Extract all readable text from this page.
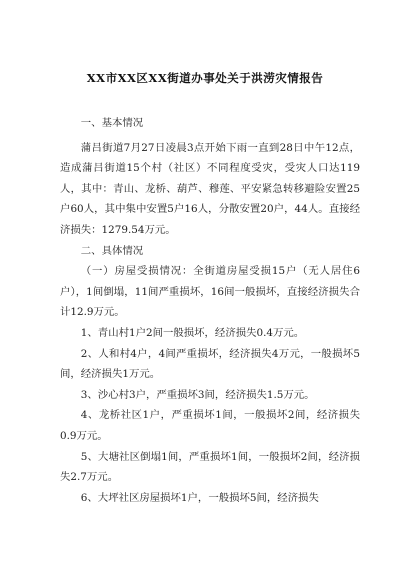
XX市XX区XX街道办事处关于洪涝灾情报告

一、基本情况

蒲吕街道7月27日凌晨3点开始下雨一直到28日中午12点，造成蒲吕街道15个村（社区）不同程度受灾，受灾人口达119人，其中：青山、龙桥、葫芦、穆莲、平安紧急转移避险安置25户60人，其中集中安置5户16人，分散安置20户，44人。直接经济损失：1279.54万元。

二、具体情况

（一）房屋受损情况：全街道房屋受损15户（无人居住6户），1间倒塌，11间严重损坏，16间一般损坏，直接经济损失合计12.9万元。

1、青山村1户2间一般损坏，经济损失0.4万元。

2、人和村4户，4间严重损坏，经济损失4万元，一般损坏5间，经济损失1万元。

3、沙心村3户，严重损坏3间，经济损失1.5万元。

4、龙桥社区1户，严重损坏1间，一般损坏2间，经济损失0.9万元。

5、大塘社区倒塌1间，严重损坏1间，一般损坏2间，经济损失2.7万元。

6、大坪社区房屋损坏1户，一般损坏5间，经济损失
